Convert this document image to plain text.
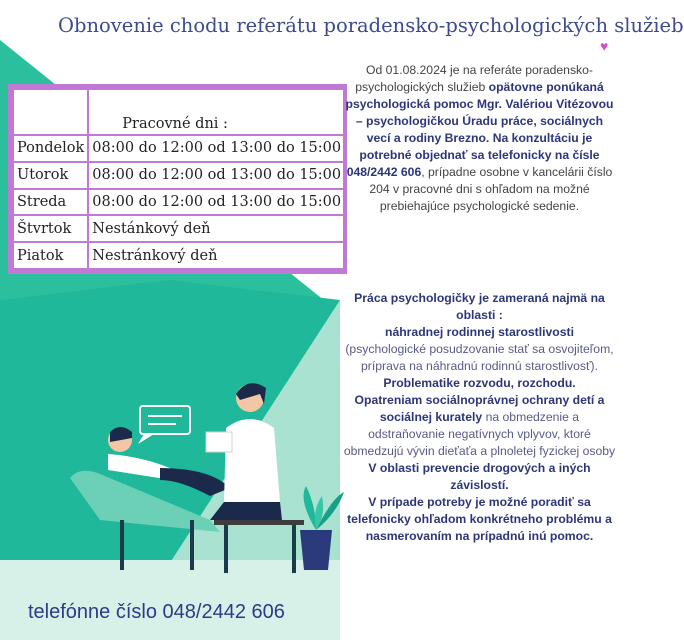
Obnovenie chodu referátu poradensko-psychologických služieb
♥
	Pracovné dni :
Pondelok	08:00 do 12:00 od 13:00 do 15:00
Utorok	08:00 do 12:00 od 13:00 do 15:00
Streda	08:00 do 12:00 od 13:00 do 15:00
Štvrtok	Nestánkový deň
Piatok	Nestránkový deň
Od 01.08.2024 je na referáte poradensko-psychologických služieb opätovne ponúkaná psychologická pomoc Mgr. Valériou Vitézovou – psychologičkou Úradu práce, sociálnych vecí a rodiny Brezno. Na konzultáciu je potrebné objednať sa telefonicky na čísle 048/2442 606, prípadne osobne v kancelárii číslo 204 v pracovné dni s ohľadom na možné prebiehajúce psychologické sedenie.
Práca psychologičky je zameraná najmä na oblasti :
náhradnej rodinnej starostlivosti
(psychologické posudzovanie stať sa osvojiteľom, príprava na náhradnú rodinnú starostlivosť).
Problematike rozvodu, rozchodu.
Opatreniam sociálnoprávnej ochrany detí a sociálnej kurately na obmedzenie a odstraňovanie negatívnych vplyvov, ktoré obmedzujú vývin dieťaťa a plnoletej fyzickej osoby
V oblasti prevencie drogových a iných závislostí.
V prípade potreby je možné poradiť sa telefonicky ohľadom konkrétneho problému a nasmerovaním na prípadnú inú pomoc.
telefónne číslo 048/2442 606
